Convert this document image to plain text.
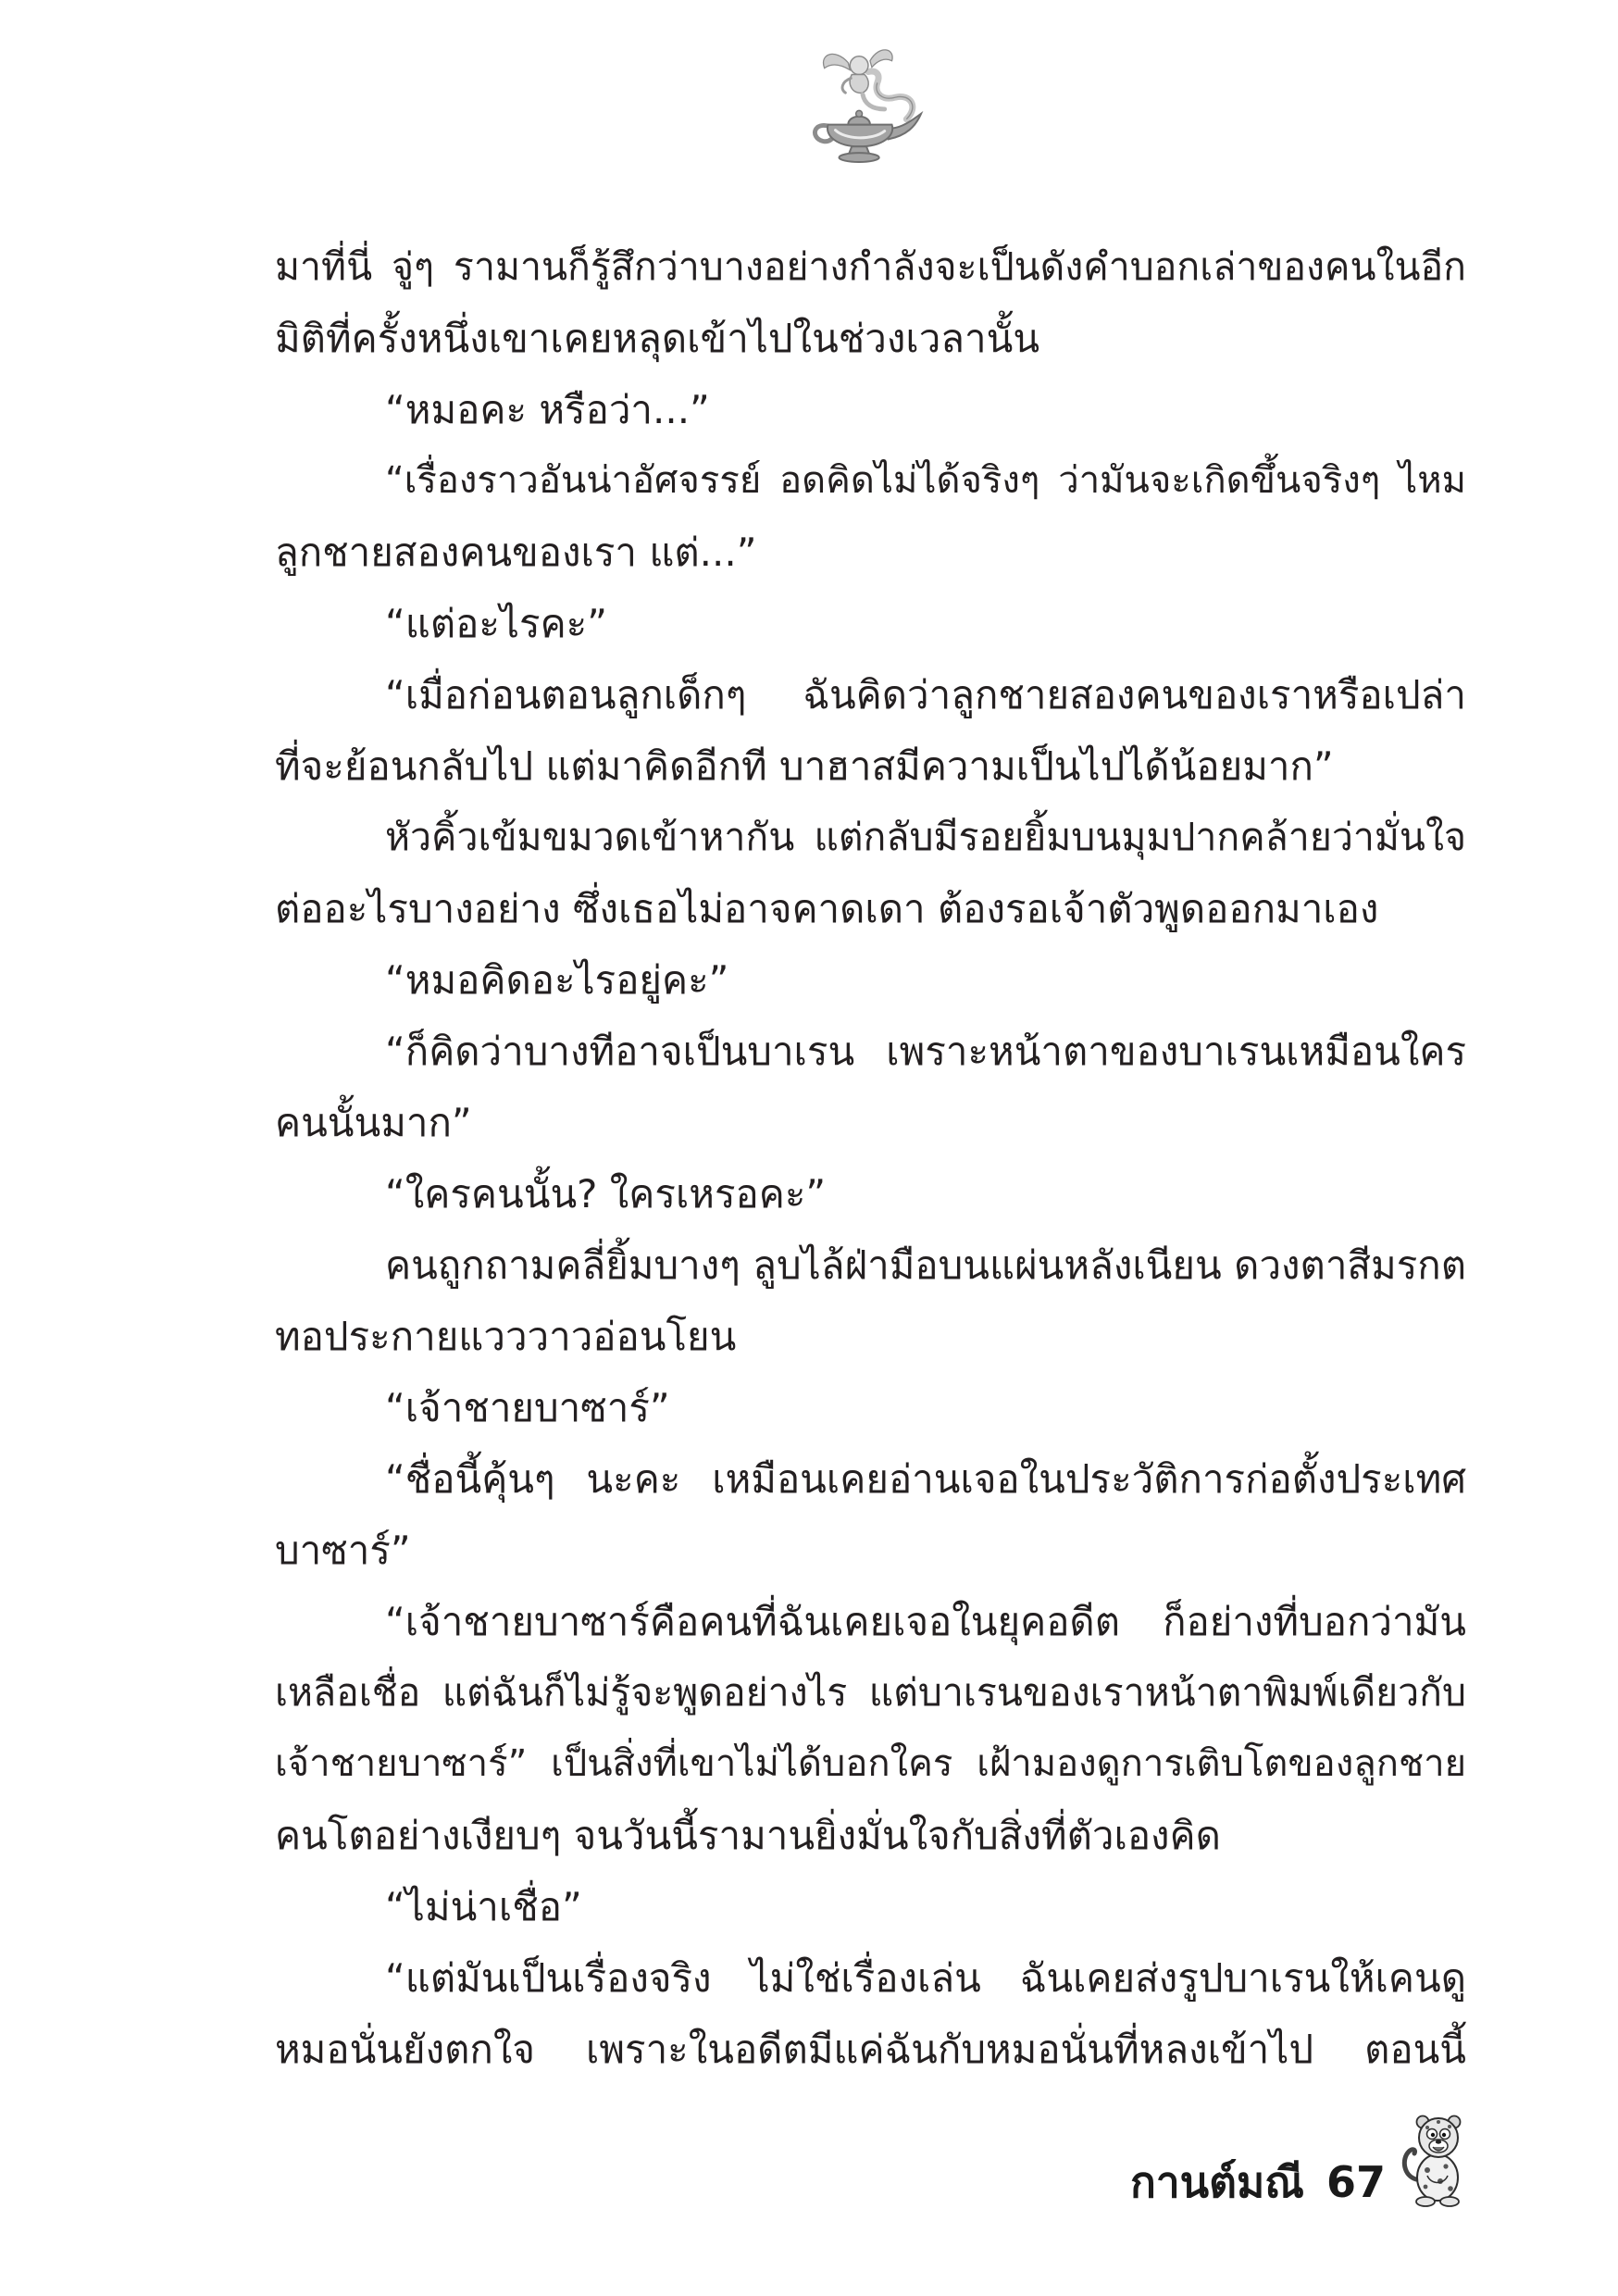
มาที่นี่ จู่ๆ รามานก็รู้สึกว่าบางอย่างกำลังจะเป็นดังคำบอกเล่าของคนในอีก
มิติที่ครั้งหนึ่งเขาเคยหลุดเข้าไปในช่วงเวลานั้น
“หมอคะ หรือว่า...”
“เรื่องราวอันน่าอัศจรรย์ อดคิดไม่ได้จริงๆ ว่ามันจะเกิดขึ้นจริงๆ ไหม
ลูกชายสองคนของเรา แต่...”
“แต่อะไรคะ”
“เมื่อก่อนตอนลูกเด็กๆ ฉันคิดว่าลูกชายสองคนของเราหรือเปล่า
ที่จะย้อนกลับไป แต่มาคิดอีกที บาฮาสมีความเป็นไปได้น้อยมาก”
หัวคิ้วเข้มขมวดเข้าหากัน แต่กลับมีรอยยิ้มบนมุมปากคล้ายว่ามั่นใจ
ต่ออะไรบางอย่าง ซึ่งเธอไม่อาจคาดเดา ต้องรอเจ้าตัวพูดออกมาเอง
“หมอคิดอะไรอยู่คะ”
“ก็คิดว่าบางทีอาจเป็นบาเรน เพราะหน้าตาของบาเรนเหมือนใคร
คนนั้นมาก”
“ใครคนนั้น? ใครเหรอคะ”
คนถูกถามคลี่ยิ้มบางๆ ลูบไล้ฝ่ามือบนแผ่นหลังเนียน ดวงตาสีมรกต
ทอประกายแวววาวอ่อนโยน
“เจ้าชายบาซาร์”
“ชื่อนี้คุ้นๆ นะคะ เหมือนเคยอ่านเจอในประวัติการก่อตั้งประเทศ
บาซาร์”
“เจ้าชายบาซาร์คือคนที่ฉันเคยเจอในยุคอดีต ก็อย่างที่บอกว่ามัน
เหลือเชื่อ แต่ฉันก็ไม่รู้จะพูดอย่างไร แต่บาเรนของเราหน้าตาพิมพ์เดียวกับ
เจ้าชายบาซาร์” เป็นสิ่งที่เขาไม่ได้บอกใคร เฝ้ามองดูการเติบโตของลูกชาย
คนโตอย่างเงียบๆ จนวันนี้รามานยิ่งมั่นใจกับสิ่งที่ตัวเองคิด
“ไม่น่าเชื่อ”
“แต่มันเป็นเรื่องจริง ไม่ใช่เรื่องเล่น ฉันเคยส่งรูปบาเรนให้เคนดู
หมอนั่นยังตกใจ เพราะในอดีตมีแค่ฉันกับหมอนั่นที่หลงเข้าไป ตอนนี้
กานต์มณี 67
